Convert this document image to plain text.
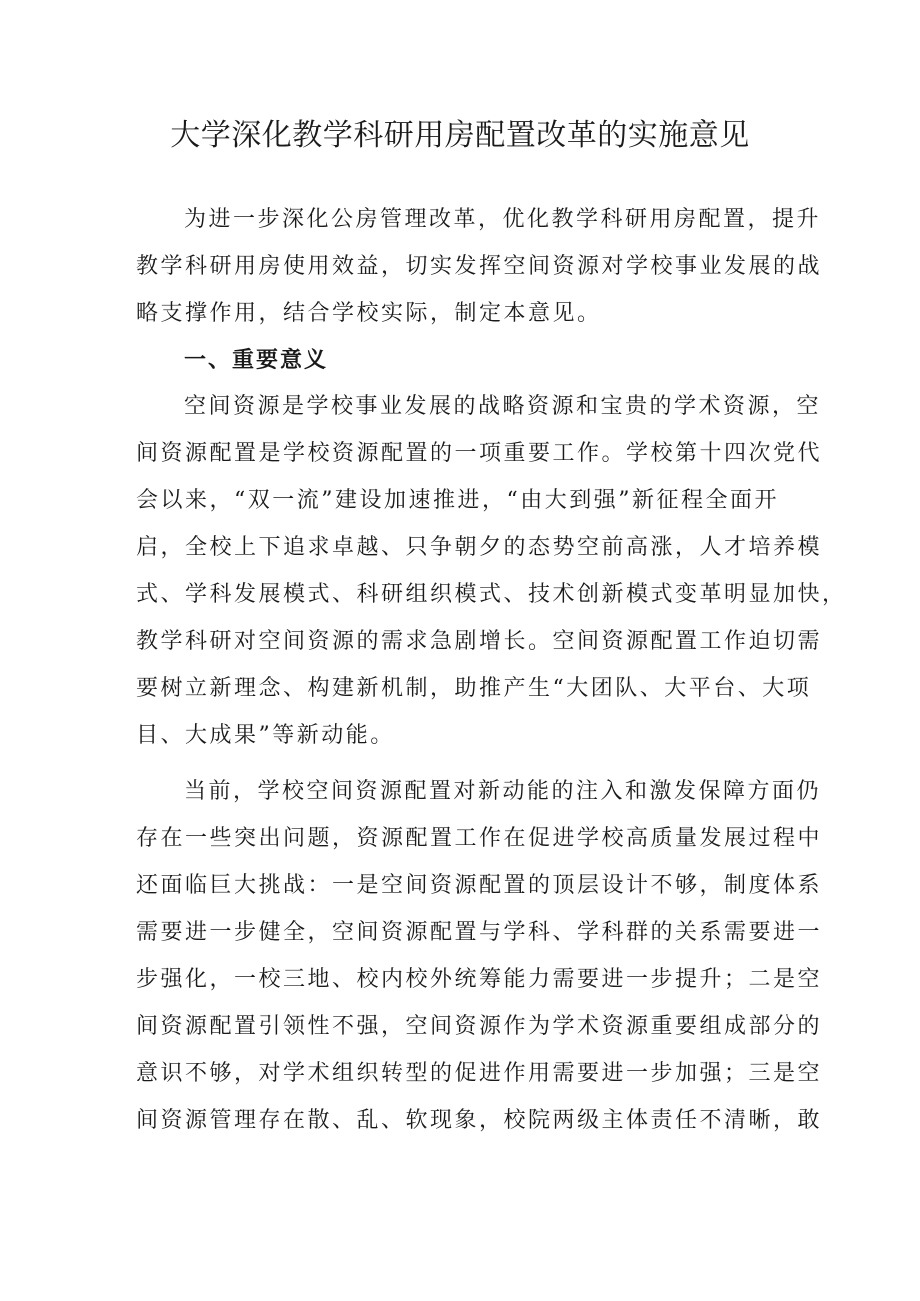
大学深化教学科研用房配置改革的实施意见
为进一步深化公房管理改革，优化教学科研用房配置，提升
教学科研用房使用效益，切实发挥空间资源对学校事业发展的战
略支撑作用，结合学校实际，制定本意见。
一、重要意义
空间资源是学校事业发展的战略资源和宝贵的学术资源，空
间资源配置是学校资源配置的一项重要工作。学校第十四次党代
会以来，“双一流”建设加速推进，“由大到强”新征程全面开
启，全校上下追求卓越、只争朝夕的态势空前高涨，人才培养模
式、学科发展模式、科研组织模式、技术创新模式变革明显加快，
教学科研对空间资源的需求急剧增长。空间资源配置工作迫切需
要树立新理念、构建新机制，助推产生“大团队、大平台、大项
目、大成果”等新动能。
当前，学校空间资源配置对新动能的注入和激发保障方面仍
存在一些突出问题，资源配置工作在促进学校高质量发展过程中
还面临巨大挑战：一是空间资源配置的顶层设计不够，制度体系
需要进一步健全，空间资源配置与学科、学科群的关系需要进一
步强化，一校三地、校内校外统筹能力需要进一步提升；二是空
间资源配置引领性不强，空间资源作为学术资源重要组成部分的
意识不够，对学术组织转型的促进作用需要进一步加强；三是空
间资源管理存在散、乱、软现象，校院两级主体责任不清晰，敢
